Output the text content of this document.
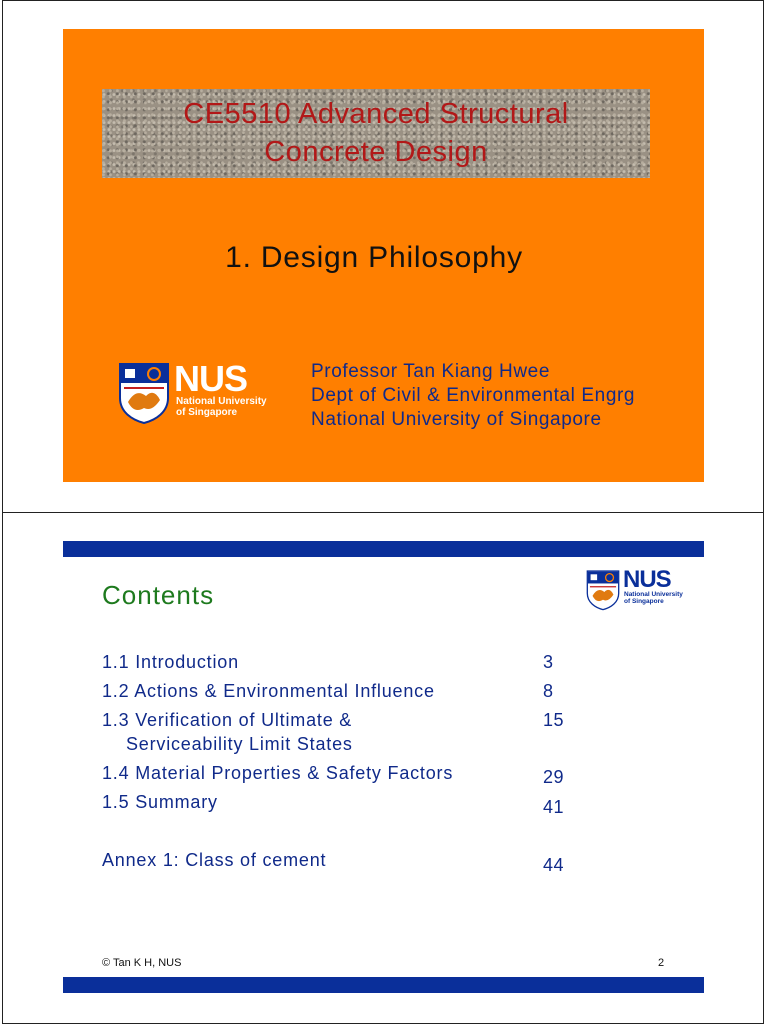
CE5510 Advanced Structural
Concrete Design
1. Design Philosophy
NUS
National University
of Singapore
Professor Tan Kiang Hwee
Dept of Civil & Environmental Engrg
National University of Singapore
Contents
NUS
National University
of Singapore
1.1 Introduction	3
1.2 Actions & Environmental Influence	8
1.3 Verification of Ultimate &
Serviceability Limit States
15
1.4 Material Properties & Safety Factors	29
1.5 Summary	41
Annex 1: Class of cement	44
© Tan K H, NUS	2
